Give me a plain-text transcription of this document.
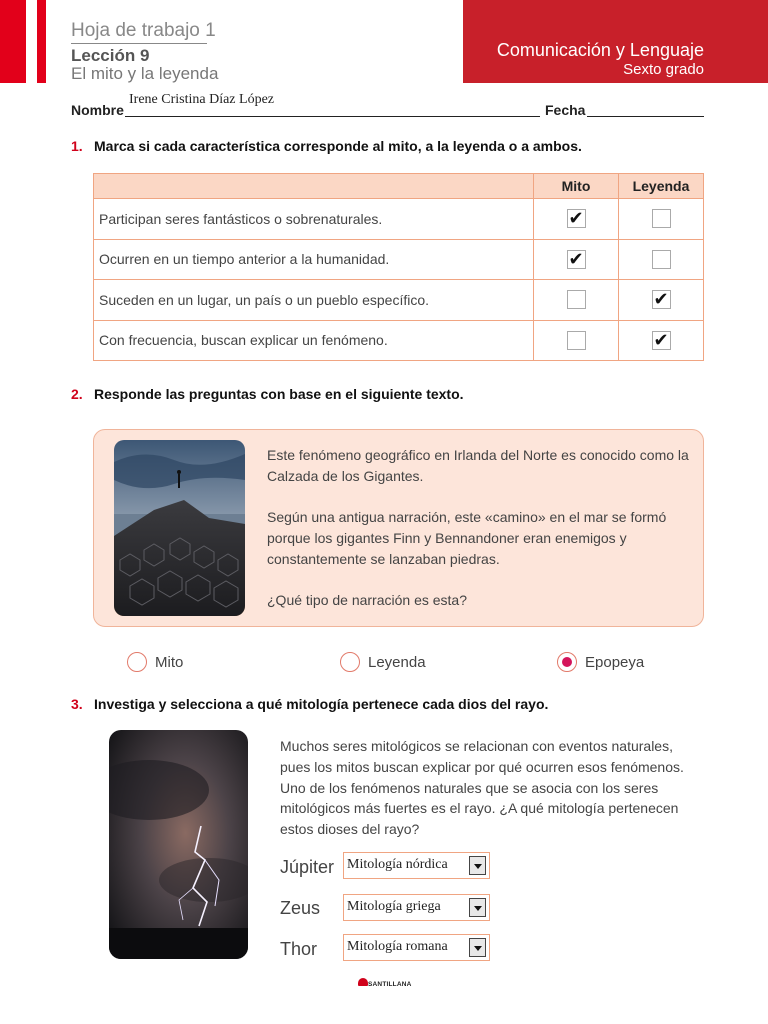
Hoja de trabajo 1
Lección 9
El mito y la leyenda
Comunicación y Lenguaje
Sexto grado
Nombre
Irene Cristina Díaz López
Fecha
1. Marca si cada característica corresponde al mito, a la leyenda o a ambos.
	Mito	Leyenda
Participan seres fantásticos o sobrenaturales.	✔	
Ocurren en un tiempo anterior a la humanidad.	✔	
Suceden en un lugar, un país o un pueblo específico.		✔
Con frecuencia, buscan explicar un fenómeno.		✔
2. Responde las preguntas con base en el siguiente texto.
Este fenómeno geográfico en Irlanda del Norte es conocido como la Calzada de los Gigantes.
Según una antigua narración, este «camino» en el mar se formó porque los gigantes Finn y Bennandoner eran enemigos y constantemente se lanzaban piedras.
¿Qué tipo de narración es esta?
Mito	Leyenda	Epopeya
3. Investiga y selecciona a qué mitología pertenece cada dios del rayo.
Muchos seres mitológicos se relacionan con eventos naturales, pues los mitos buscan explicar por qué ocurren esos fenómenos. Uno de los fenómenos naturales que se asocia con los seres mitológicos más fuertes es el rayo. ¿A qué mitología pertenecen estos dioses del rayo?
Júpiter Mitología nórdica
Zeus Mitología griega
Thor Mitología romana
SANTILLANA
